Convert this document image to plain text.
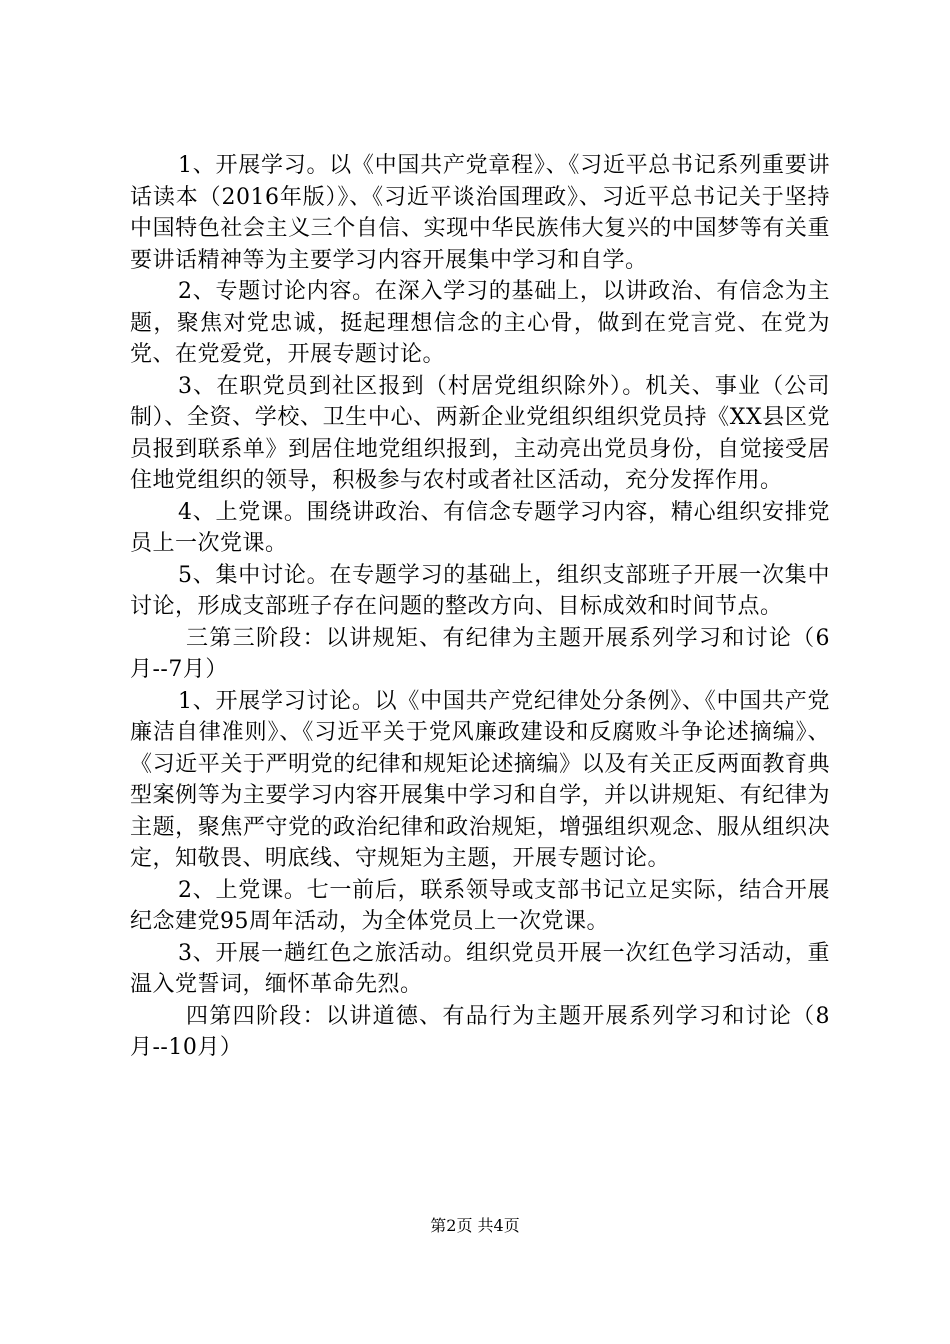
1、开展学习。以《中国共产党章程》、《习近平总书记系列重要讲话读本（2016年版）》、《习近平谈治国理政》、习近平总书记关于坚持中国特色社会主义三个自信、实现中华民族伟大复兴的中国梦等有关重要讲话精神等为主要学习内容开展集中学习和自学。

2、专题讨论内容。在深入学习的基础上，以讲政治、有信念为主题，聚焦对党忠诚，挺起理想信念的主心骨，做到在党言党、在党为党、在党爱党，开展专题讨论。

3、在职党员到社区报到（村居党组织除外）。机关、事业（公司制）、全资、学校、卫生中心、两新企业党组织组织党员持《XX县区党员报到联系单》到居住地党组织报到，主动亮出党员身份，自觉接受居住地党组织的领导，积极参与农村或者社区活动，充分发挥作用。

4、上党课。围绕讲政治、有信念专题学习内容，精心组织安排党员上一次党课。

5、集中讨论。在专题学习的基础上，组织支部班子开展一次集中讨论，形成支部班子存在问题的整改方向、目标成效和时间节点。

三第三阶段：以讲规矩、有纪律为主题开展系列学习和讨论（6月--7月）

1、开展学习讨论。以《中国共产党纪律处分条例》、《中国共产党廉洁自律准则》、《习近平关于党风廉政建设和反腐败斗争论述摘编》、《习近平关于严明党的纪律和规矩论述摘编》以及有关正反两面教育典型案例等为主要学习内容开展集中学习和自学，并以讲规矩、有纪律为主题，聚焦严守党的政治纪律和政治规矩，增强组织观念、服从组织决定，知敬畏、明底线、守规矩为主题，开展专题讨论。

2、上党课。七一前后，联系领导或支部书记立足实际，结合开展纪念建党95周年活动，为全体党员上一次党课。

3、开展一趟红色之旅活动。组织党员开展一次红色学习活动，重温入党誓词，缅怀革命先烈。

四第四阶段：以讲道德、有品行为主题开展系列学习和讨论（8月--10月）

第2页 共4页
